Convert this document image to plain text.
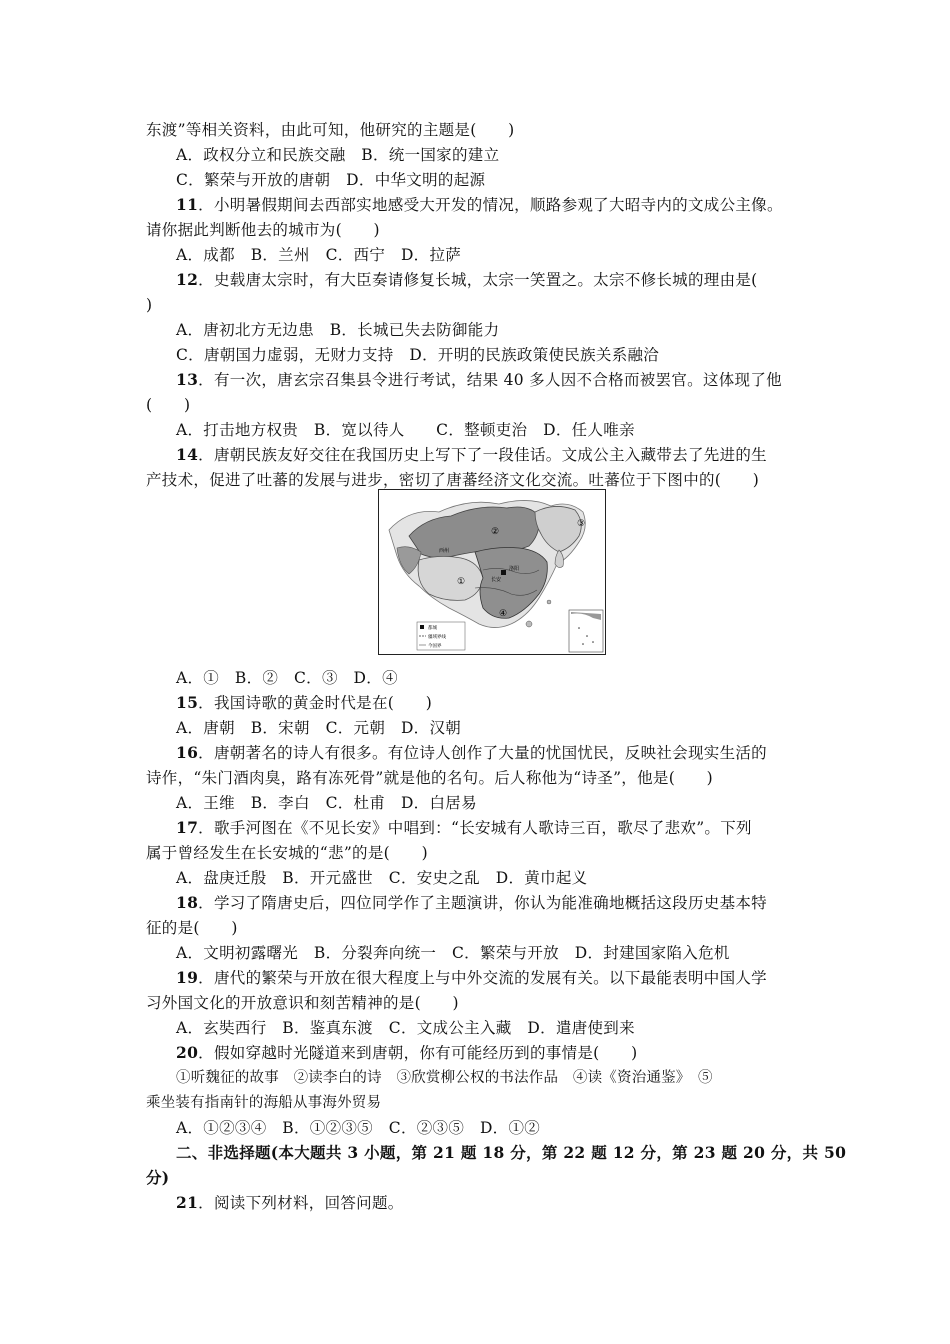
东渡”等相关资料，由此可知，他研究的主题是(　　)
A．政权分立和民族交融　B．统一国家的建立
C．繁荣与开放的唐朝　D．中华文明的起源
11．小明暑假期间去西部实地感受大开发的情况，顺路参观了大昭寺内的文成公主像。
请你据此判断他去的城市为(　　)
A．成都　B．兰州　C．西宁　D．拉萨
12．史载唐太宗时，有大臣奏请修复长城，太宗一笑置之。太宗不修长城的理由是(
)
A．唐初北方无边患　B．长城已失去防御能力
C．唐朝国力虚弱，无财力支持　D．开明的民族政策使民族关系融洽
13．有一次，唐玄宗召集县令进行考试，结果 40 多人因不合格而被罢官。这体现了他
(　　)
A．打击地方权贵　B．宽以待人　　C．整顿吏治　D．任人唯亲
14．唐朝民族友好交往在我国历史上写下了一段佳话。文成公主入藏带去了先进的生
产技术，促进了吐蕃的发展与进步，密切了唐蕃经济文化交流。吐蕃位于下图中的(　　)
①
②
③
④
西州
长安
洛阳
都城
疆域界线
今国界
A．①　B．②　C．③　D．④
15．我国诗歌的黄金时代是在(　　)
A．唐朝　B．宋朝　C．元朝　D．汉朝
16．唐朝著名的诗人有很多。有位诗人创作了大量的忧国忧民，反映社会现实生活的
诗作，“朱门酒肉臭，路有冻死骨”就是他的名句。后人称他为“诗圣”，他是(　　)
A．王维　B．李白　C．杜甫　D．白居易
17．歌手河图在《不见长安》中唱到：“长安城有人歌诗三百，歌尽了悲欢”。下列
属于曾经发生在长安城的“悲”的是(　　)
A．盘庚迁殷　B．开元盛世　C．安史之乱　D．黄巾起义
18．学习了隋唐史后，四位同学作了主题演讲，你认为能准确地概括这段历史基本特
征的是(　　)
A．文明初露曙光　B．分裂奔向统一　C．繁荣与开放　D．封建国家陷入危机
19．唐代的繁荣与开放在很大程度上与中外交流的发展有关。以下最能表明中国人学
习外国文化的开放意识和刻苦精神的是(　　)
A．玄奘西行　B．鉴真东渡　C．文成公主入藏　D．遣唐使到来
20．假如穿越时光隧道来到唐朝，你有可能经历到的事情是(　　)
①听魏征的故事　②读李白的诗　③欣赏柳公权的书法作品　④读《资治通鉴》　⑤
乘坐装有指南针的海船从事海外贸易
A．①②③④　B．①②③⑤　C．②③⑤　D．①②
二、非选择题(本大题共 3 小题，第 21 题 18 分，第 22 题 12 分，第 23 题 20 分，共 50
分)
21．阅读下列材料，回答问题。
